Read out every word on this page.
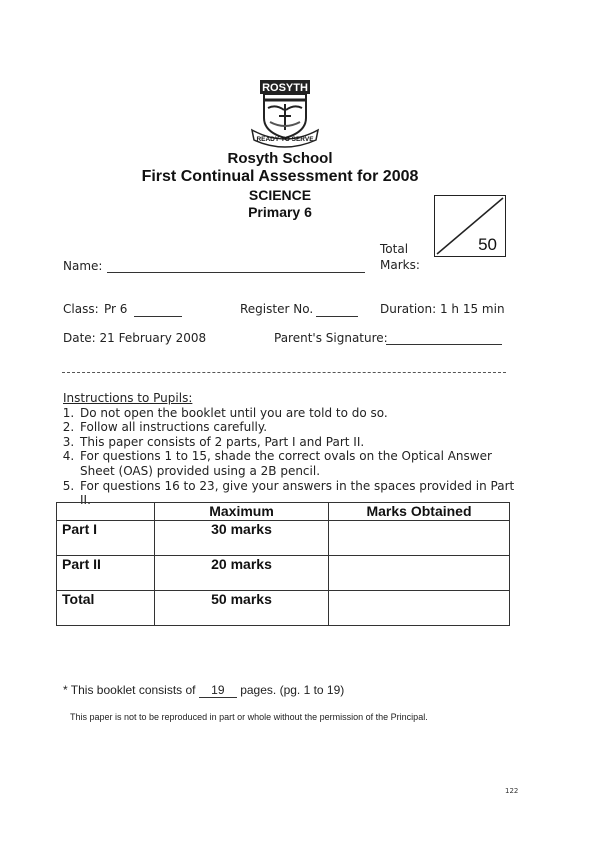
ROSYTH
READY TO SERVE
Rosyth School
First Continual Assessment for 2008
SCIENCE
Primary 6
Total
Marks:
50
Name:
Class: Pr 6	Register No.	Duration: 1 h 15 min
Date: 21 February 2008	Parent's Signature:
Instructions to Pupils:
1. Do not open the booklet until you are told to do so.
2. Follow all instructions carefully.
3. This paper consists of 2 parts, Part I and Part II.
4. For questions 1 to 15, shade the correct ovals on the Optical Answer Sheet (OAS) provided using a 2B pencil.
5. For questions 16 to 23, give your answers in the spaces provided in Part II.
	Maximum	Marks Obtained
Part I	30 marks	
Part II	20 marks	
Total	50 marks	
* This booklet consists of 19 pages. (pg. 1 to 19)
This paper is not to be reproduced in part or whole without the permission of the Principal.
122
